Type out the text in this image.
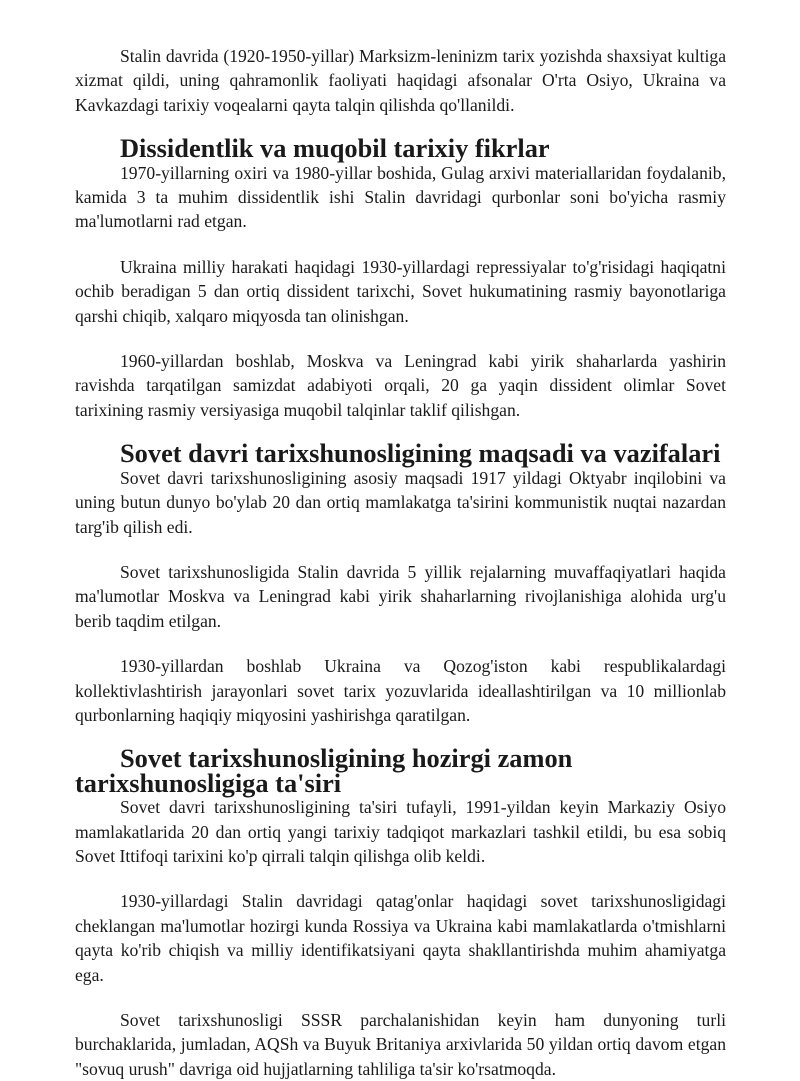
Stalin davrida (1920-1950-yillar) Marksizm-leninizm tarix yozishda shaxsiyat kultiga xizmat qildi, uning qahramonlik faoliyati haqidagi afsonalar O'rta Osiyo, Ukraina va Kavkazdagi tarixiy voqealarni qayta talqin qilishda qo'llanildi.

Dissidentlik va muqobil tarixiy fikrlar

1970-yillarning oxiri va 1980-yillar boshida, Gulag arxivi materiallaridan foydalanib, kamida 3 ta muhim dissidentlik ishi Stalin davridagi qurbonlar soni bo'yicha rasmiy ma'lumotlarni rad etgan.

Ukraina milliy harakati haqidagi 1930-yillardagi repressiyalar to'g'risidagi haqiqatni ochib beradigan 5 dan ortiq dissident tarixchi, Sovet hukumatining rasmiy bayonotlariga qarshi chiqib, xalqaro miqyosda tan olinishgan.

1960-yillardan boshlab, Moskva va Leningrad kabi yirik shaharlarda yashirin ravishda tarqatilgan samizdat adabiyoti orqali, 20 ga yaqin dissident olimlar Sovet tarixining rasmiy versiyasiga muqobil talqinlar taklif qilishgan.

Sovet davri tarixshunosligining maqsadi va vazifalari

Sovet davri tarixshunosligining asosiy maqsadi 1917 yildagi Oktyabr inqilobini va uning butun dunyo bo'ylab 20 dan ortiq mamlakatga ta'sirini kommunistik nuqtai nazardan targ'ib qilish edi.

Sovet tarixshunosligida Stalin davrida 5 yillik rejalarning muvaffaqiyatlari haqida ma'lumotlar Moskva va Leningrad kabi yirik shaharlarning rivojlanishiga alohida urg'u berib taqdim etilgan.

1930-yillardan boshlab Ukraina va Qozog'iston kabi respublikalardagi kollektivlashtirish jarayonlari sovet tarix yozuvlarida ideallashtirilgan va 10 millionlab qurbonlarning haqiqiy miqyosini yashirishga qaratilgan.

Sovet tarixshunosligining hozirgi zamon tarixshunosligiga ta'siri

Sovet davri tarixshunosligining ta'siri tufayli, 1991-yildan keyin Markaziy Osiyo mamlakatlarida 20 dan ortiq yangi tarixiy tadqiqot markazlari tashkil etildi, bu esa sobiq Sovet Ittifoqi tarixini ko'p qirrali talqin qilishga olib keldi.

1930-yillardagi Stalin davridagi qatag'onlar haqidagi sovet tarixshunosligidagi cheklangan ma'lumotlar hozirgi kunda Rossiya va Ukraina kabi mamlakatlarda o'tmishlarni qayta ko'rib chiqish va milliy identifikatsiyani qayta shakllantirishda muhim ahamiyatga ega.

Sovet tarixshunosligi SSSR parchalanishidan keyin ham dunyoning turli burchaklarida, jumladan, AQSh va Buyuk Britaniya arxivlarida 50 yildan ortiq davom etgan "sovuq urush" davriga oid hujjatlarning tahliliga ta'sir ko'rsatmoqda.
